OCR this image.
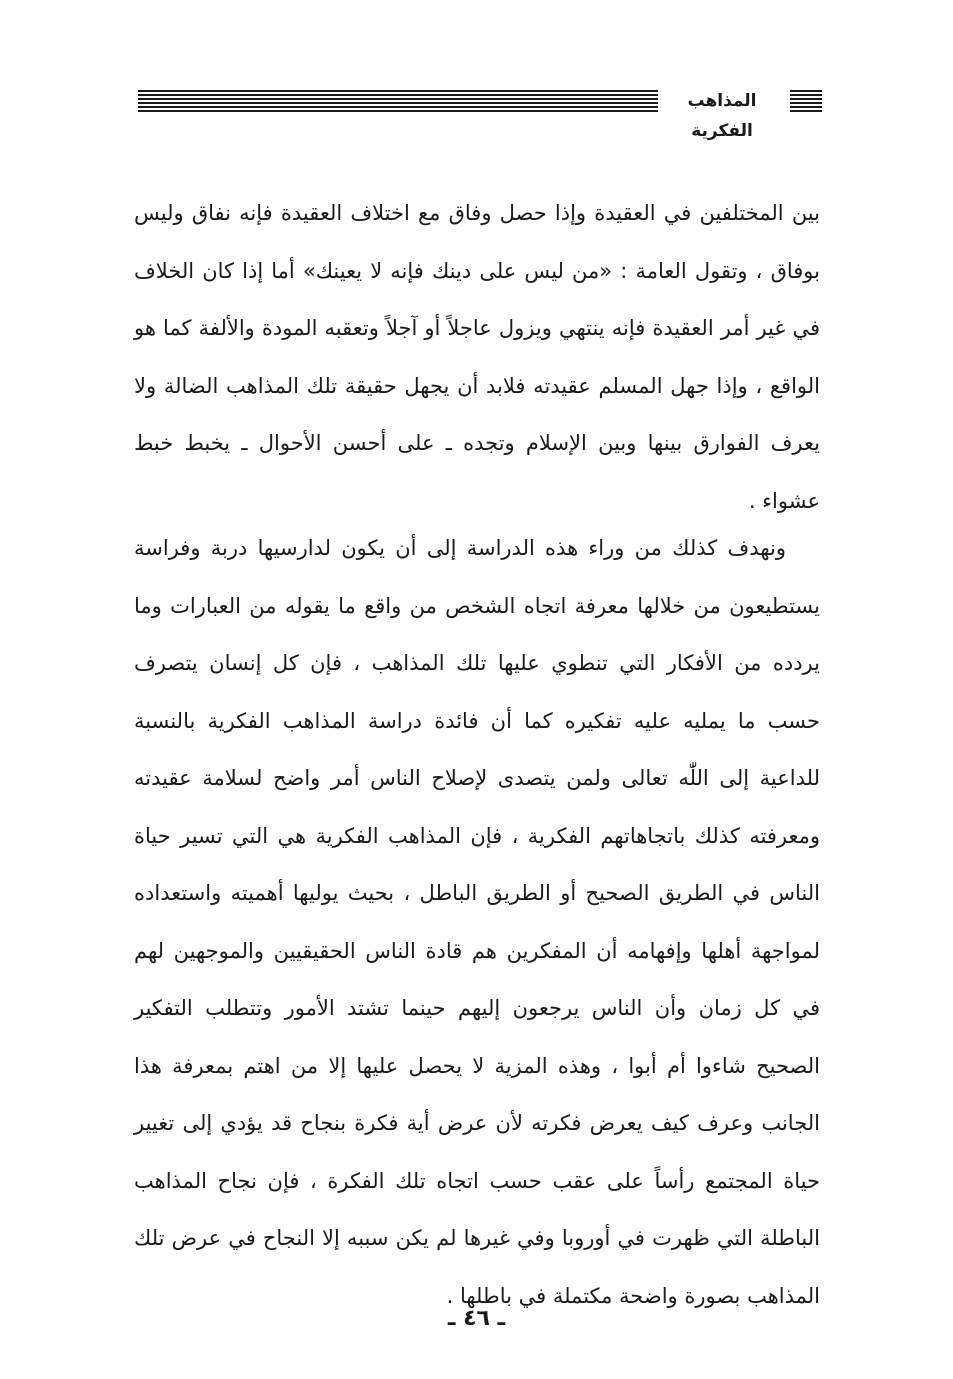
المذاهب الفكرية

بين المختلفين في العقيدة وإذا حصل وفاق مع اختلاف العقيدة فإنه نفاق وليس بوفاق ، وتقول العامة : «من ليس على دينك فإنه لا يعينك» أما إذا كان الخلاف في غير أمر العقيدة فإنه ينتهي ويزول عاجلاً أو آجلاً وتعقبه المودة والألفة كما هو الواقع ، وإذا جهل المسلم عقيدته فلابد أن يجهل حقيقة تلك المذاهب الضالة ولا يعرف الفوارق بينها وبين الإسلام وتجده ـ على أحسن الأحوال ـ يخبط خبط عشواء .

ونهدف كذلك من وراء هذه الدراسة إلى أن يكون لدارسيها دربة وفراسة يستطيعون من خلالها معرفة اتجاه الشخص من واقع ما يقوله من العبارات وما يردده من الأفكار التي تنطوي عليها تلك المذاهب ، فإن كل إنسان يتصرف حسب ما يمليه عليه تفكيره كما أن فائدة دراسة المذاهب الفكرية بالنسبة للداعية إلى اللّٰه تعالى ولمن يتصدى لإصلاح الناس أمر واضح لسلامة عقيدته ومعرفته كذلك باتجاهاتهم الفكرية ، فإن المذاهب الفكرية هي التي تسير حياة الناس في الطريق الصحيح أو الطريق الباطل ، بحيث يوليها أهميته واستعداده لمواجهة أهلها وإفهامه أن المفكرين هم قادة الناس الحقيقيين والموجهين لهم في كل زمان وأن الناس يرجعون إليهم حينما تشتد الأمور وتتطلب التفكير الصحيح شاءوا أم أبوا ، وهذه المزية لا يحصل عليها إلا من اهتم بمعرفة هذا الجانب وعرف كيف يعرض فكرته لأن عرض أية فكرة بنجاح قد يؤدي إلى تغيير حياة المجتمع رأساً على عقب حسب اتجاه تلك الفكرة ، فإن نجاح المذاهب الباطلة التي ظهرت في أوروبا وفي غيرها لم يكن سببه إلا النجاح في عرض تلك المذاهب بصورة واضحة مكتملة في باطلها .

ـ ٤٦ ـ
